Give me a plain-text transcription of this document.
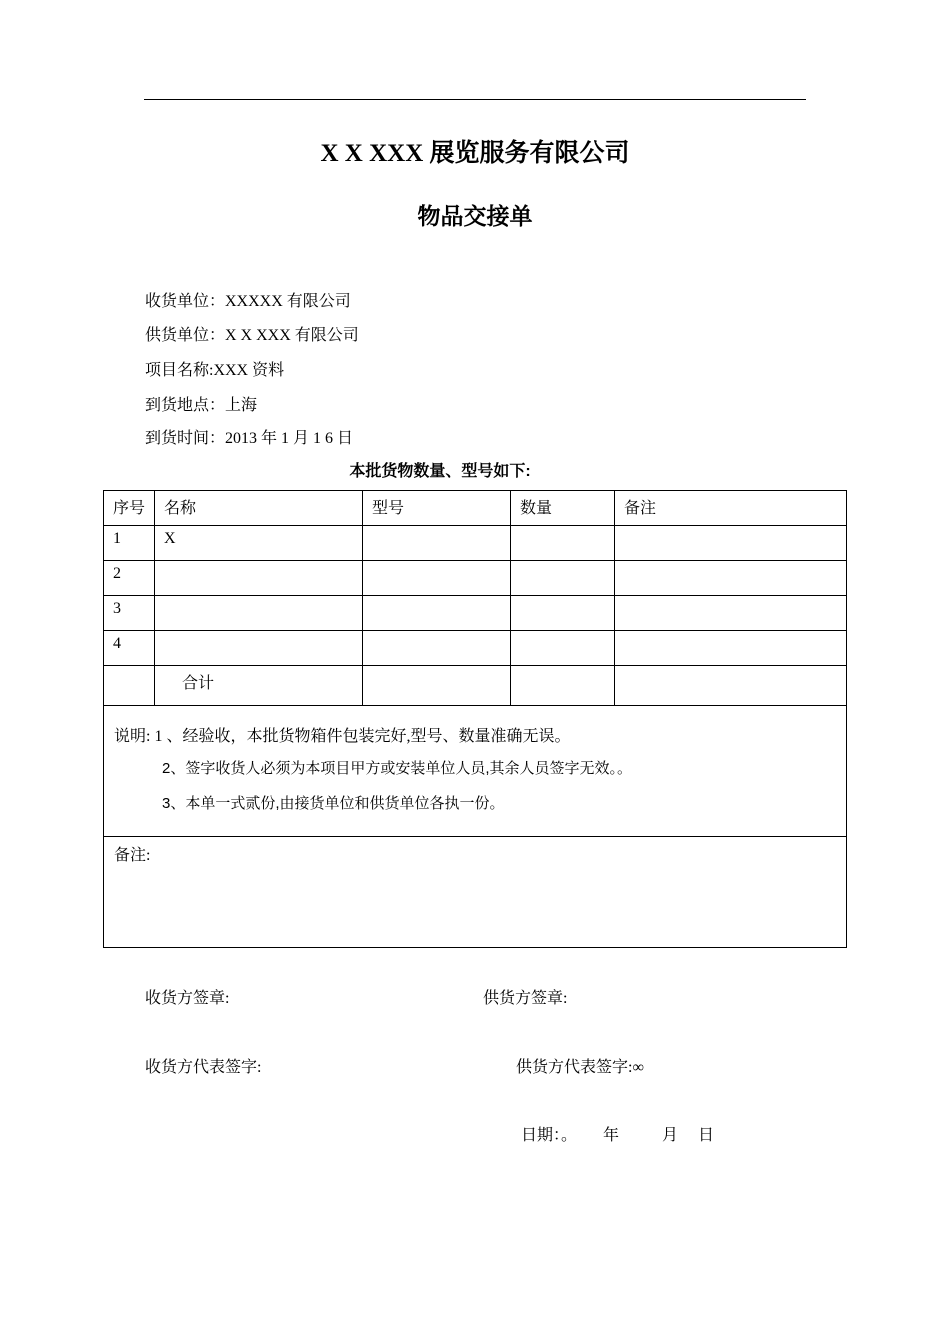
X X XXX 展览服务有限公司
物品交接单
收货单位：XXXXX 有限公司
供货单位：X X XXX 有限公司
项目名称:XXX 资料
到货地点：上海
到货时间：2013 年 1 月 1 6 日
本批货物数量、型号如下:
序号	名称	型号	数量	备注
1	X			
2				
3				
4				
	合计			
说明: 1 、经验收，本批货物箱件包装完好,型号、数量准确无误。
2、签字收货人必须为本项目甲方或安装单位人员,其余人员签字无效。。
3、本单一式贰份,由接货单位和供货单位各执一份。
备注:
收货方签章:	供货方签章:
收货方代表签字:	供货方代表签字:∞
日期：。 年	月 日
